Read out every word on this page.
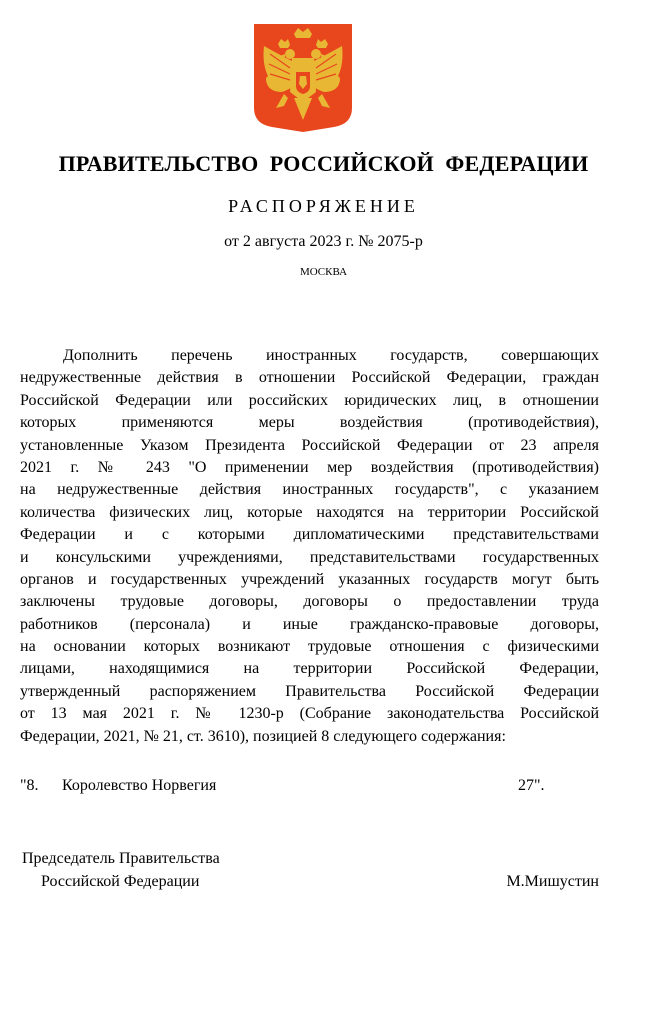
ПРАВИТЕЛЬСТВО  РОССИЙСКОЙ  ФЕДЕРАЦИИ
РАСПОРЯЖЕНИЕ
от 2 августа 2023 г. № 2075-р
МОСКВА
Дополнить перечень иностранных государств, совершающих
недружественные действия в отношении Российской Федерации, граждан
Российской Федерации или российских юридических лиц, в отношении
которых применяются меры воздействия (противодействия),
установленные Указом Президента Российской Федерации от 23 апреля
2021 г. № 243 "О применении мер воздействия (противодействия)
на недружественные действия иностранных государств", с указанием
количества физических лиц, которые находятся на территории Российской
Федерации и с которыми дипломатическими представительствами
и консульскими учреждениями, представительствами государственных
органов и государственных учреждений указанных государств могут быть
заключены трудовые договоры, договоры о предоставлении труда
работников (персонала) и иные гражданско-правовые договоры,
на основании которых возникают трудовые отношения с физическими
лицами, находящимися на территории Российской Федерации,
утвержденный распоряжением Правительства Российской Федерации
от 13 мая 2021 г. № 1230-р (Собрание законодательства Российской
Федерации, 2021, № 21, ст. 3610), позицией 8 следующего содержания:
"8. Королевство Норвегия	27".
Председатель Правительства
Российской Федерации	М.Мишустин
